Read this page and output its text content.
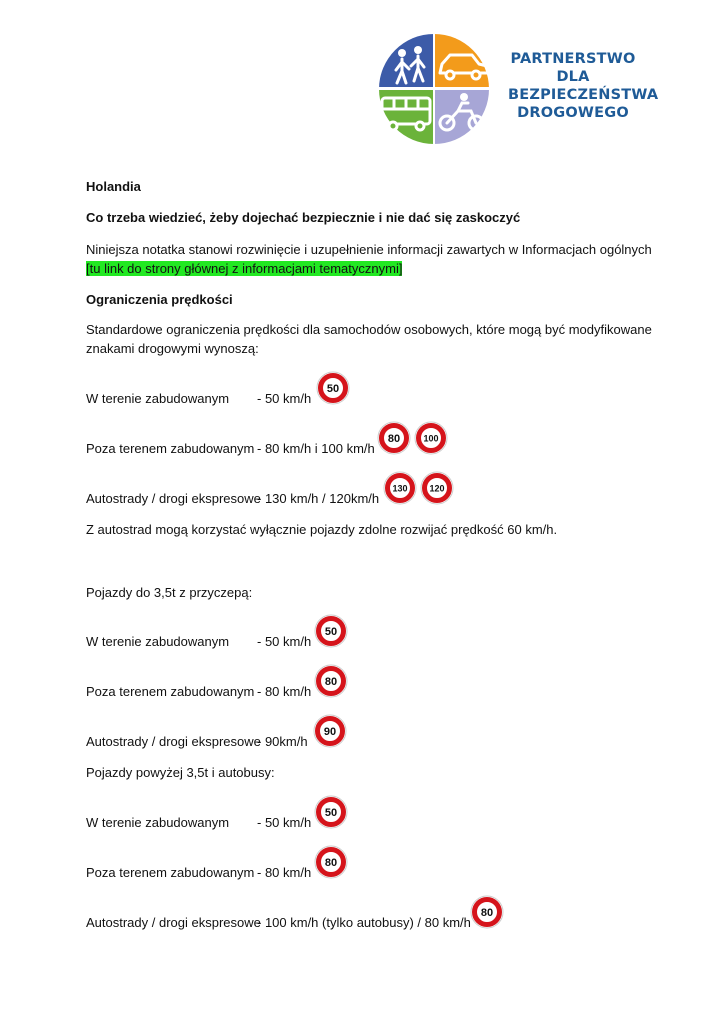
PARTNERSTWO
DLA
BEZPIECZEŃSTWA
DROGOWEGO
Holandia
Co trzeba wiedzieć, żeby dojechać bezpiecznie i nie dać się zaskoczyć
Niniejsza notatka stanowi rozwinięcie i uzupełnienie informacji zawartych w Informacjach ogólnych
[tu link do strony głównej z informacjami tematycznymi]
Ograniczenia prędkości
Standardowe ograniczenia prędkości dla samochodów osobowych, które mogą być modyfikowane
znakami drogowymi wynoszą:
W terenie zabudowanym - 50 km/h
50
Poza terenem zabudowanym - 80 km/h i 100 km/h
80	100
Autostrady / drogi ekspresowe
- 130 km/h / 120km/h
130 120
Z autostrad mogą korzystać wyłącznie pojazdy zdolne rozwijać prędkość 60 km/h.
Pojazdy do 3,5t z przyczepą:
W terenie zabudowanym - 50 km/h
50
Poza terenem zabudowanym - 80 km/h
80
Autostrady / drogi ekspresowe
- 90km/h
90
Pojazdy powyżej 3,5t i autobusy:
W terenie zabudowanym - 50 km/h
50
Poza terenem zabudowanym - 80 km/h
80
Autostrady / drogi ekspresowe
- 100 km/h (tylko autobusy) / 80 km/h
80
